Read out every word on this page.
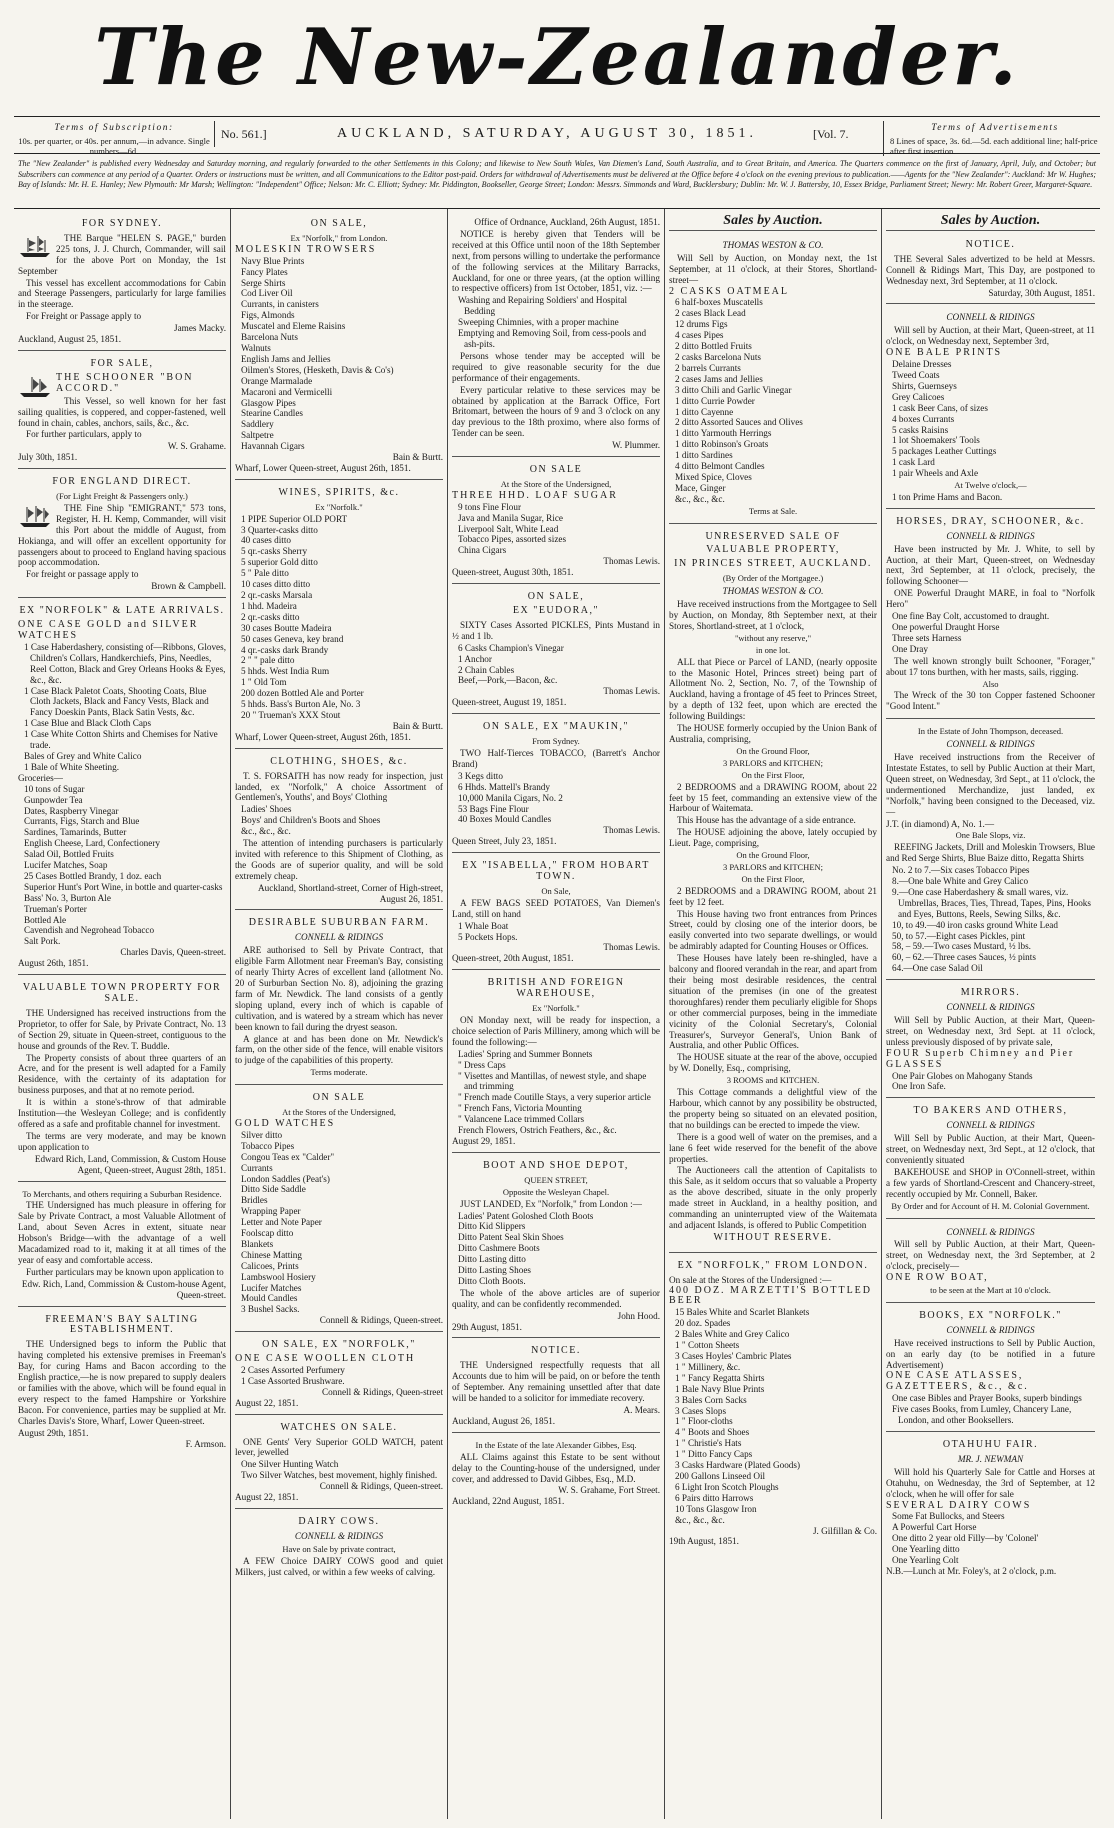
The New-Zealander.
Terms of Subscription:
10s. per quarter, or 40s. per annum,—in advance. Single numbers—6d.
No. 561.]	AUCKLAND, SATURDAY, AUGUST 30, 1851.	[Vol. 7.	Terms of Advertisements
8 Lines of space, 3s. 6d.—5d. each additional line; half-price after first insertion.
The "New Zealander" is published every Wednesday and Saturday morning, and regularly forwarded to the other Settlements in this Colony; and likewise to New South Wales, Van Diemen's Land, South Australia, and to Great Britain, and America. The Quarters commence on the first of January, April, July, and October; but Subscribers can commence at any period of a Quarter. Orders or instructions must be written, and all Communications to the Editor post-paid. Orders for withdrawal of Advertisements must be delivered at the Office before 4 o'clock on the evening previous to publication.——Agents for the "New Zealander": Auckland: Mr W. Hughes; Bay of Islands: Mr. H. E. Hanley; New Plymouth: Mr Marsh; Wellington: "Independent" Office; Nelson: Mr. C. Elliott; Sydney: Mr. Piddington, Bookseller, George Street; London: Messrs. Simmonds and Ward, Bucklersbury; Dublin: Mr. W. J. Battersby, 10, Essex Bridge, Parliament Street; Newry: Mr. Robert Greer, Margaret-Square.
FOR SYDNEY.

THE Barque "HELEN S. PAGE," burden 225 tons, J. J. Church, Commander, will sail for the above Port on Monday, the 1st September

This vessel has excellent accommodations for Cabin and Steerage Passengers, particularly for large families in the steerage.

For Freight or Passage apply to

James Macky.
Auckland, August 25, 1851.
FOR SALE,
THE SCHOONER "BON ACCORD."

This Vessel, so well known for her fast sailing qualities, is coppered, and copper-fastened, well found in chain, cables, anchors, sails, &c., &c.

For further particulars, apply to

W. S. Grahame.
July 30th, 1851.
FOR ENGLAND DIRECT.
(For Light Freight & Passengers only.)

THE Fine Ship "EMIGRANT," 573 tons, Register, H. H. Kemp, Commander, will visit this Port about the middle of August, from Hokianga, and will offer an excellent opportunity for passengers about to proceed to England having spacious poop accommodation.

For freight or passage apply to

Brown & Campbell.
EX "NORFOLK" & LATE ARRIVALS.
ONE CASE GOLD and SILVER WATCHES
1 Case Haberdashery, consisting of—Ribbons, Gloves, Children's Collars, Handkerchiefs, Pins, Needles, Reel Cotton, Black and Grey Orleans Hooks & Eyes, &c., &c.
1 Case Black Paletot Coats, Shooting Coats, Blue Cloth Jackets, Black and Fancy Vests, Black and Fancy Doeskin Pants, Black Satin Vests, &c.
1 Case Blue and Black Cloth Caps
1 Case White Cotton Shirts and Chemises for Native trade.
Bales of Grey and White Calico
1 Bale of White Sheeting.
Groceries—
10 tons of Sugar
Gunpowder Tea
Dates, Raspberry Vinegar
Currants, Figs, Starch and Blue
Sardines, Tamarinds, Butter
English Cheese, Lard, Confectionery
Salad Oil, Bottled Fruits
Lucifer Matches, Soap
25 Cases Bottled Brandy, 1 doz. each
Superior Hunt's Port Wine, in bottle and quarter-casks
Bass' No. 3, Burton Ale
Trueman's Porter
Bottled Ale
Cavendish and Negrohead Tobacco
Salt Pork.
Charles Davis, Queen-street.
August 26th, 1851.
VALUABLE TOWN PROPERTY FOR SALE.

THE Undersigned has received instructions from the Proprietor, to offer for Sale, by Private Contract, No. 13 of Section 29, situate in Queen-street, contiguous to the house and grounds of the Rev. T. Buddle.

The Property consists of about three quarters of an Acre, and for the present is well adapted for a Family Residence, with the certainty of its adaptation for business purposes, and that at no remote period.

It is within a stone's-throw of that admirable Institution—the Wesleyan College; and is confidently offered as a safe and profitable channel for investment.

The terms are very moderate, and may be known upon application to

Edward Rich, Land, Commission, & Custom House Agent, Queen-street, August 28th, 1851.
To Merchants, and others requiring a Suburban Residence.

THE Undersigned has much pleasure in offering for Sale by Private Contract, a most Valuable Allotment of Land, about Seven Acres in extent, situate near Hobson's Bridge—with the advantage of a well Macadamized road to it, making it at all times of the year of easy and comfortable access.

Further particulars may be known upon application to

Edw. Rich, Land, Commission & Custom-house Agent, Queen-street.
FREEMAN'S BAY SALTING ESTABLISHMENT.

THE Undersigned begs to inform the Public that having completed his extensive premises in Freeman's Bay, for curing Hams and Bacon according to the English practice,—he is now prepared to supply dealers or families with the above, which will be found equal in every respect to the famed Hampshire or Yorkshire Bacon. For convenience, parties may be supplied at Mr. Charles Davis's Store, Wharf, Lower Queen-street.

August 29th, 1851.
F. Armson.
ON SALE,
Ex "Norfolk," from London.
MOLESKIN TROWSERS
Navy Blue Prints
Fancy Plates
Serge Shirts
Cod Liver Oil
Currants, in canisters
Figs, Almonds
Muscatel and Eleme Raisins
Barcelona Nuts
Walnuts
English Jams and Jellies
Oilmen's Stores, (Hesketh, Davis & Co's)
Orange Marmalade
Macaroni and Vermicelli
Glasgow Pipes
Stearine Candles
Saddlery
Saltpetre
Havannah Cigars
Bain & Burtt.
Wharf, Lower Queen-street, August 26th, 1851.
WINES, SPIRITS, &c.
Ex "Norfolk."
1 PIPE Superior OLD PORT
3 Quarter-casks ditto
40 cases ditto
5 qr.-casks Sherry
5 superior Gold ditto
5 " Pale ditto
10 cases ditto ditto
2 qr.-casks Marsala
1 hhd. Madeira
2 qr.-casks ditto
30 cases Boutte Madeira
50 cases Geneva, key brand
4 qr.-casks dark Brandy
2 " " pale ditto
5 hhds. West India Rum
1 " Old Tom
200 dozen Bottled Ale and Porter
5 hhds. Bass's Burton Ale, No. 3
20 " Trueman's XXX Stout
Bain & Burtt.
Wharf, Lower Queen-street, August 26th, 1851.
CLOTHING, SHOES, &c.

T. S. FORSAITH has now ready for inspection, just landed, ex "Norfolk," A choice Assortment of Gentlemen's, Youths', and Boys' Clothing

Ladies' Shoes
Boys' and Children's Boots and Shoes
&c., &c., &c.

The attention of intending purchasers is particularly invited with reference to this Shipment of Clothing, as the Goods are of superior quality, and will be sold extremely cheap.

Auckland, Shortland-street, Corner of High-street, August 26, 1851.
DESIRABLE SUBURBAN FARM.
CONNELL & RIDINGS

ARE authorised to Sell by Private Contract, that eligible Farm Allotment near Freeman's Bay, consisting of nearly Thirty Acres of excellent land (allotment No. 20 of Surburban Section No. 8), adjoining the grazing farm of Mr. Newdick. The land consists of a gently sloping upland, every inch of which is capable of cultivation, and is watered by a stream which has never been known to fail during the dryest season.

A glance at and has been done on Mr. Newdick's farm, on the other side of the fence, will enable visitors to judge of the capabilities of this property.

Terms moderate.
ON SALE
At the Stores of the Undersigned,
GOLD WATCHES
Silver ditto
Tobacco Pipes
Congou Teas ex "Calder"
Currants
London Saddles (Peat's)
Ditto Side Saddle
Bridles
Wrapping Paper
Letter and Note Paper
Foolscap ditto
Blankets
Chinese Matting
Calicoes, Prints
Lambswool Hosiery
Lucifer Matches
Mould Candles
3 Bushel Sacks.
Connell & Ridings, Queen-street.
ON SALE, EX "NORFOLK,"
ONE CASE WOOLLEN CLOTH
2 Cases Assorted Perfumery
1 Case Assorted Brushware.
Connell & Ridings, Queen-street
August 22, 1851.
WATCHES ON SALE.

ONE Gents' Very Superior GOLD WATCH, patent lever, jewelled

One Silver Hunting Watch
Two Silver Watches, best movement, highly finished.
Connell & Ridings, Queen-street.
August 22, 1851.
DAIRY COWS.
CONNELL & RIDINGS
Have on Sale by private contract,

A FEW Choice DAIRY COWS good and quiet Milkers, just calved, or within a few weeks of calving.

Office of Ordnance, Auckland, 26th August, 1851.

NOTICE is hereby given that Tenders will be received at this Office until noon of the 18th September next, from persons willing to undertake the performance of the following services at the Military Barracks, Auckland, for one or three years, (at the option willing to respective officers) from 1st October, 1851, viz. :—

Washing and Repairing Soldiers' and Hospital Bedding
Sweeping Chimnies, with a proper machine
Emptying and Removing Soil, from cess-pools and ash-pits.

Persons whose tender may be accepted will be required to give reasonable security for the due performance of their engagements.

Every particular relative to these services may be obtained by application at the Barrack Office, Fort Britomart, between the hours of 9 and 3 o'clock on any day previous to the 18th proximo, where also forms of Tender can be seen.

W. Plummer.
ON SALE
At the Store of the Undersigned,
THREE HHD. LOAF SUGAR
9 tons Fine Flour
Java and Manila Sugar, Rice
Liverpool Salt, White Lead
Tobacco Pipes, assorted sizes
China Cigars
Thomas Lewis.
Queen-street, August 30th, 1851.
ON SALE,
EX "EUDORA,"

SIXTY Cases Assorted PICKLES, Pints Mustand in ½ and 1 lb.

6 Casks Champion's Vinegar
1 Anchor
2 Chain Cables
Beef,—Pork,—Bacon, &c.
Thomas Lewis.
Queen-street, August 19, 1851.
ON SALE, EX "MAUKIN,"
From Sydney.

TWO Half-Tierces TOBACCO, (Barrett's Anchor Brand)

3 Kegs ditto
6 Hhds. Mattell's Brandy
10,000 Manila Cigars, No. 2
53 Bags Fine Flour
40 Boxes Mould Candles
Thomas Lewis.
Queen Street, July 23, 1851.
EX "ISABELLA," FROM HOBART TOWN.
On Sale,

A FEW BAGS SEED POTATOES, Van Diemen's Land, still on hand

1 Whale Boat
5 Pockets Hops.
Thomas Lewis.
Queen-street, 20th August, 1851.
BRITISH AND FOREIGN WAREHOUSE,
Ex "Norfolk."

ON Monday next, will be ready for inspection, a choice selection of Paris Millinery, among which will be found the following:—

Ladies' Spring and Summer Bonnets
" Dress Caps
" Visettes and Mantillas, of newest style, and shape and trimming
" French made Coutille Stays, a very superior article
" French Fans, Victoria Mounting
" Valancene Lace trimmed Collars
French Flowers, Ostrich Feathers, &c., &c.
August 29, 1851.
BOOT AND SHOE DEPOT,
QUEEN STREET,
Opposite the Wesleyan Chapel.

JUST LANDED, Ex "Norfolk," from London :—

Ladies' Patent Goloshed Cloth Boots
Ditto Kid Slippers
Ditto Patent Seal Skin Shoes
Ditto Cashmere Boots
Ditto Lasting ditto
Ditto Lasting Shoes
Ditto Cloth Boots.

The whole of the above articles are of superior quality, and can be confidently recommended.

John Hood.
29th August, 1851.
NOTICE.

THE Undersigned respectfully requests that all Accounts due to him will be paid, on or before the tenth of September. Any remaining unsettled after that date will be handed to a solicitor for immediate recovery.

A. Mears.
Auckland, August 26, 1851.
In the Estate of the late Alexander Gibbes, Esq.

ALL Claims against this Estate to be sent without delay to the Counting-house of the undersigned, under cover, and addressed to David Gibbes, Esq., M.D.

W. S. Grahame, Fort Street.
Auckland, 22nd August, 1851.
Sales by Auction.
THOMAS WESTON & CO.

Will Sell by Auction, on Monday next, the 1st September, at 11 o'clock, at their Stores, Shortland-street—

2 CASKS OATMEAL
6 half-boxes Muscatells
2 cases Black Lead
12 drums Figs
4 cases Pipes
2 ditto Bottled Fruits
2 casks Barcelona Nuts
2 barrels Currants
2 cases Jams and Jellies
3 ditto Chili and Garlic Vinegar
1 ditto Currie Powder
1 ditto Cayenne
2 ditto Assorted Sauces and Olives
1 ditto Yarmouth Herrings
1 ditto Robinson's Groats
1 ditto Sardines
4 ditto Belmont Candles
Mixed Spice, Cloves
Mace, Ginger
&c., &c., &c.
Terms at Sale.
UNRESERVED SALE OF
VALUABLE PROPERTY,
IN PRINCES STREET, AUCKLAND.
(By Order of the Mortgagee.)
THOMAS WESTON & CO.

Have received instructions from the Mortgagee to Sell by Auction, on Monday, 8th September next, at their Stores, Shortland-street, at 1 o'clock,

"without any reserve,"
in one lot.

ALL that Piece or Parcel of LAND, (nearly opposite to the Masonic Hotel, Princes street) being part of Allotment No. 2, Section, No. 7, of the Township of Auckland, having a frontage of 45 feet to Princes Street, by a depth of 132 feet, upon which are erected the following Buildings:

The HOUSE formerly occupied by the Union Bank of Australia, comprising,

On the Ground Floor,
3 PARLORS and KITCHEN;
On the First Floor,

2 BEDROOMS and a DRAWING ROOM, about 22 feet by 15 feet, commanding an extensive view of the Harbour of Waitemata.

This House has the advantage of a side entrance.

The HOUSE adjoining the above, lately occupied by Lieut. Page, comprising,

On the Ground Floor,
3 PARLORS and KITCHEN;
On the First Floor,

2 BEDROOMS and a DRAWING ROOM, about 21 feet by 12 feet.

This House having two front entrances from Princes Street, could by closing one of the interior doors, be easily converted into two separate dwellings, or would be admirably adapted for Counting Houses or Offices.

These Houses have lately been re-shingled, have a balcony and floored verandah in the rear, and apart from their being most desirable residences, the central situation of the premises (in one of the greatest thoroughfares) render them peculiarly eligible for Shops or other commercial purposes, being in the immediate vicinity of the Colonial Secretary's, Colonial Treasurer's, Surveyor General's, Union Bank of Australia, and other Public Offices.

The HOUSE situate at the rear of the above, occupied by W. Donelly, Esq., comprising,

3 ROOMS and KITCHEN.

This Cottage commands a delightful view of the Harbour, which cannot by any possibility be obstructed, the property being so situated on an elevated position, that no buildings can be erected to impede the view.

There is a good well of water on the premises, and a lane 6 feet wide reserved for the benefit of the above properties.

The Auctioneers call the attention of Capitalists to this Sale, as it seldom occurs that so valuable a Property as the above described, situate in the only properly made street in Auckland, in a healthy position, and commanding an uninterrupted view of the Waitemata and adjacent Islands, is offered to Public Competition

WITHOUT RESERVE.
EX "NORFOLK," FROM LONDON.
On sale at the Stores of the Undersigned :—
400 DOZ. MARZETTI'S BOTTLED BEER
15 Bales White and Scarlet Blankets
20 doz. Spades
2 Bales White and Grey Calico
1 " Cotton Sheets
3 Cases Hoyles' Cambric Plates
1 " Millinery, &c.
1 " Fancy Regatta Shirts
1 Bale Navy Blue Prints
3 Bales Corn Sacks
3 Cases Slops
1 " Floor-cloths
4 " Boots and Shoes
1 " Christie's Hats
1 " Ditto Fancy Caps
3 Casks Hardware (Plated Goods)
200 Gallons Linseed Oil
6 Light Iron Scotch Ploughs
6 Pairs ditto Harrows
10 Tons Glasgow Iron
&c., &c., &c.
J. Gilfillan & Co.
19th August, 1851.
Sales by Auction.
NOTICE.

THE Several Sales advertized to be held at Messrs. Connell & Ridings Mart, This Day, are postponed to Wednesday next, 3rd September, at 11 o'clock.

Saturday, 30th August, 1851.
CONNELL & RIDINGS

Will sell by Auction, at their Mart, Queen-street, at 11 o'clock, on Wednesday next, September 3rd,

ONE BALE PRINTS
Delaine Dresses
Tweed Coats
Shirts, Guernseys
Grey Calicoes
1 cask Beer Cans, of sizes
4 boxes Currants
5 casks Raisins
1 lot Shoemakers' Tools
5 packages Leather Cuttings
1 cask Lard
1 pair Wheels and Axle
At Twelve o'clock,—
1 ton Prime Hams and Bacon.
HORSES, DRAY, SCHOONER, &c.
CONNELL & RIDINGS

Have been instructed by Mr. J. White, to sell by Auction, at their Mart, Queen-street, on Wednesday next, 3rd September, at 11 o'clock, precisely, the following Schooner—

ONE Powerful Draught MARE, in foal to "Norfolk Hero"

One fine Bay Colt, accustomed to draught.
One powerful Draught Horse
Three sets Harness
One Dray

The well known strongly built Schooner, "Forager," about 17 tons burthen, with her masts, sails, rigging.

Also

The Wreck of the 30 ton Copper fastened Schooner "Good Intent."

In the Estate of John Thompson, deceased.
CONNELL & RIDINGS

Have received instructions from the Receiver of Intestate Estates, to sell by Public Auction at their Mart, Queen street, on Wednesday, 3rd Sept., at 11 o'clock, the undermentioned Merchandize, just landed, ex "Norfolk," having been consigned to the Deceased, viz.—

J.T. (in diamond) A, No. 1.—
One Bale Slops, viz.

REEFING Jackets, Drill and Moleskin Trowsers, Blue and Red Serge Shirts, Blue Baize ditto, Regatta Shirts

No. 2 to 7.—Six cases Tobacco Pipes
8.—One bale White and Grey Calico
9.—One case Haberdashery & small wares, viz. Umbrellas, Braces, Ties, Thread, Tapes, Pins, Hooks and Eyes, Buttons, Reels, Sewing Silks, &c.
10, to 49.—40 iron casks ground White Lead
50, to 57.—Eight cases Pickles, pint
58, – 59.—Two cases Mustard, ½ lbs.
60, – 62.—Three cases Sauces, ½ pints
64.—One case Salad Oil
MIRRORS.
CONNELL & RIDINGS

Will Sell by Public Auction, at their Mart, Queen-street, on Wednesday next, 3rd Sept. at 11 o'clock, unless previously disposed of by private sale,

FOUR Superb Chimney and Pier GLASSES
One Pair Globes on Mahogany Stands
One Iron Safe.
TO BAKERS AND OTHERS,
CONNELL & RIDINGS

Will Sell by Public Auction, at their Mart, Queen-street, on Wednesday next, 3rd Sept., at 12 o'clock, that conveniently situated

BAKEHOUSE and SHOP in O'Connell-street, within a few yards of Shortland-Crescent and Chancery-street, recently occupied by Mr. Connell, Baker.

By Order and for Account of H. M. Colonial Government.
CONNELL & RIDINGS

Will sell by Public Auction, at their Mart, Queen-street, on Wednesday next, the 3rd September, at 2 o'clock, precisely—

ONE ROW BOAT,
to be seen at the Mart at 10 o'clock.
BOOKS, EX "NORFOLK."
CONNELL & RIDINGS

Have received instructions to Sell by Public Auction, on an early day (to be notified in a future Advertisement)

ONE CASE ATLASSES, GAZETTEERS, &c., &c.
One case Bibles and Prayer Books, superb bindings
Five cases Books, from Lumley, Chancery Lane, London, and other Booksellers.
OTAHUHU FAIR.
MR. J. NEWMAN

Will hold his Quarterly Sale for Cattle and Horses at Otahuhu, on Wednesday, the 3rd of September, at 12 o'clock, when he will offer for sale

SEVERAL DAIRY COWS
Some Fat Bullocks, and Steers
A Powerful Cart Horse
One ditto 2 year old Filly—by 'Colonel'
One Yearling ditto
One Yearling Colt
N.B.—Lunch at Mr. Foley's, at 2 o'clock, p.m.
